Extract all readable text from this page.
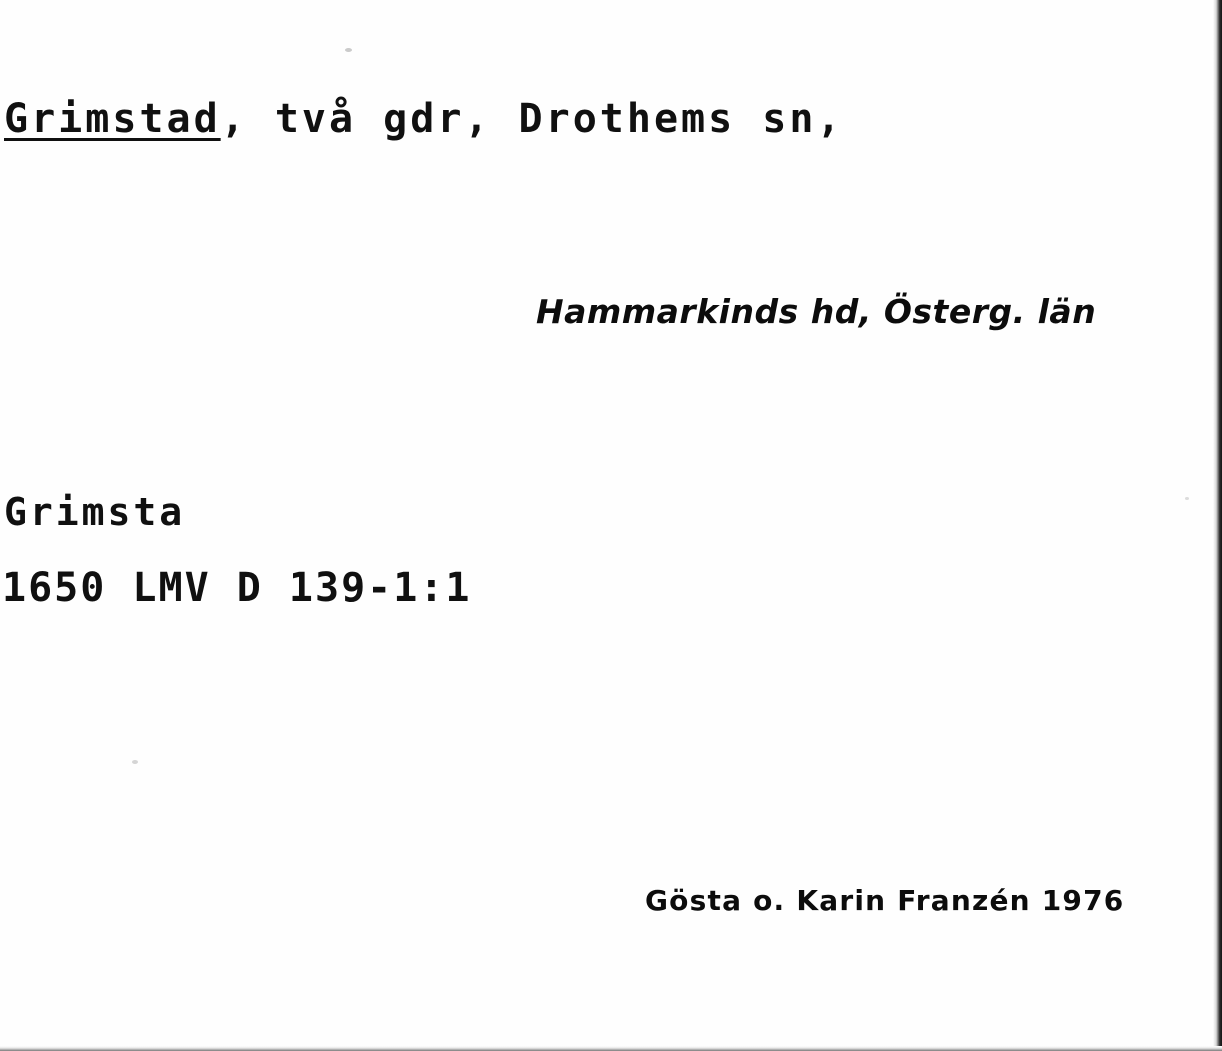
Grimstad, två gdr, Drothems sn,
Hammarkinds hd, Österg. län
Grimsta
1650 LMV D 139-1:1
Gösta o. Karin Franzén 1976
